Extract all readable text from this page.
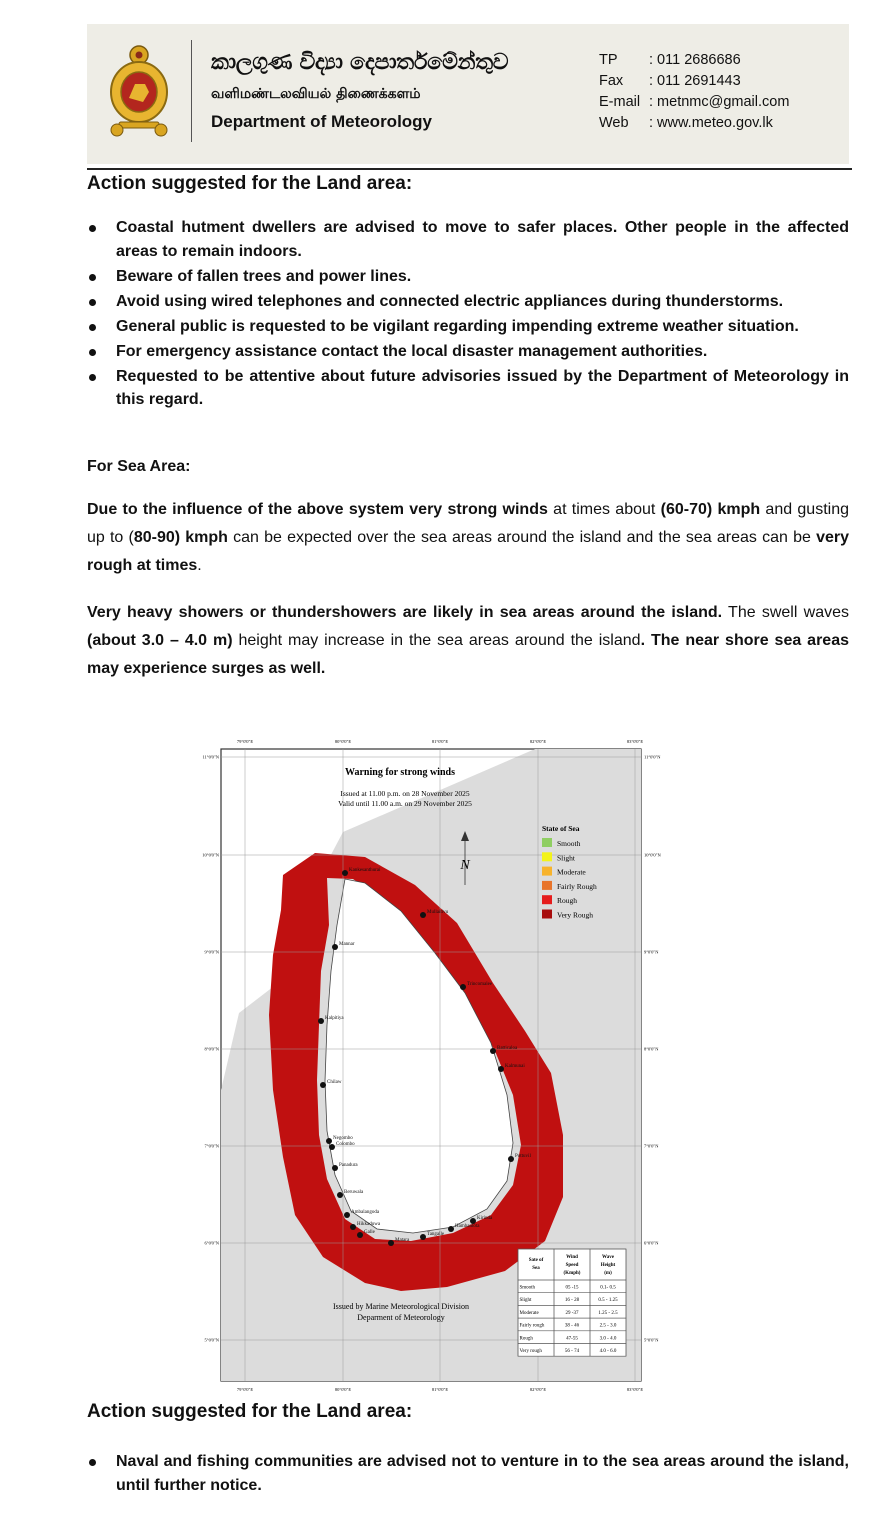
කාලගුණ විද්‍යා දෙපාර්තමේන්තුව
வளிமண்டலவியல் திணைக்களம்
Department of Meteorology
TP	: 011 2686686
Fax	: 011 2691443
E-mail : metnmc@gmail.com
Web	: www.meteo.gov.lk
Action suggested for the Land area:
Coastal hutment dwellers are advised to move to safer places. Other people in the affected areas to remain indoors.
Beware of fallen trees and power lines.
Avoid using wired telephones and connected electric appliances during thunderstorms.
General public is requested to be vigilant regarding impending extreme weather situation.
For emergency assistance contact the local disaster management authorities.
Requested to be attentive about future advisories issued by the Department of Meteorology in this regard.
For Sea Area:
Due to the influence of the above system very strong winds at times about (60-70) kmph and gusting up to (80-90) kmph can be expected over the sea areas around the island and the sea areas can be very rough at times.
Very heavy showers or thundershowers are likely in sea areas around the island. The swell waves (about 3.0 – 4.0 m) height may increase in the sea areas around the island. The near shore sea areas may experience surges as well.
79°0'0"E
79°0'0"E
80°0'0"E
80°0'0"E
81°0'0"E
81°0'0"E
82°0'0"E
82°0'0"E
83°0'0"E
83°0'0"E
11°0'0"N	11°0'0"N
10°0'0"N	10°0'0"N
9°0'0"N	9°0'0"N
8°0'0"N	8°0'0"N
7°0'0"N	7°0'0"N
6°0'0"N	6°0'0"N
5°0'0"N	5°0'0"N
Warning for strong winds
Issued at 11.00 p.m. on 28 November 2025
Valid until 11.00 a.m. on 29 November 2025
N
State of Sea
Smooth
Slight
Moderate
Fairly Rough
Rough
Very Rough
Kankesanthurai
Mullaitivu
Mannar
Trincomalee
Kalpitiya
Batticaloa
Kalmunai
Chilaw
Negombo
Colombo
Panadura
Pottuvil
Beruwala
Ambalangoda
Hikkaduwa
Galle
Matara
Tangalle
Hambantota
Kirinda
Issued by Marine Meteorological Division
Deparment of Meteorology
Sate of
Sea
Wind
Speed
(Kmph)
Wave
Height
(m)
Smooth	05 -15	0.1- 0.5
Slight	16 - 28	0.5 - 1.25
Moderate	29 -37	1.25 - 2.5
Fairly rough	38 - 46	2.5 - 3.0
Rough	47-55	3.0 - 4.0
Very rough	56 - 74	4.0 - 6.0
Action suggested for the Land area:
Naval and fishing communities are advised not to venture in to the sea areas around the island, until further notice.
